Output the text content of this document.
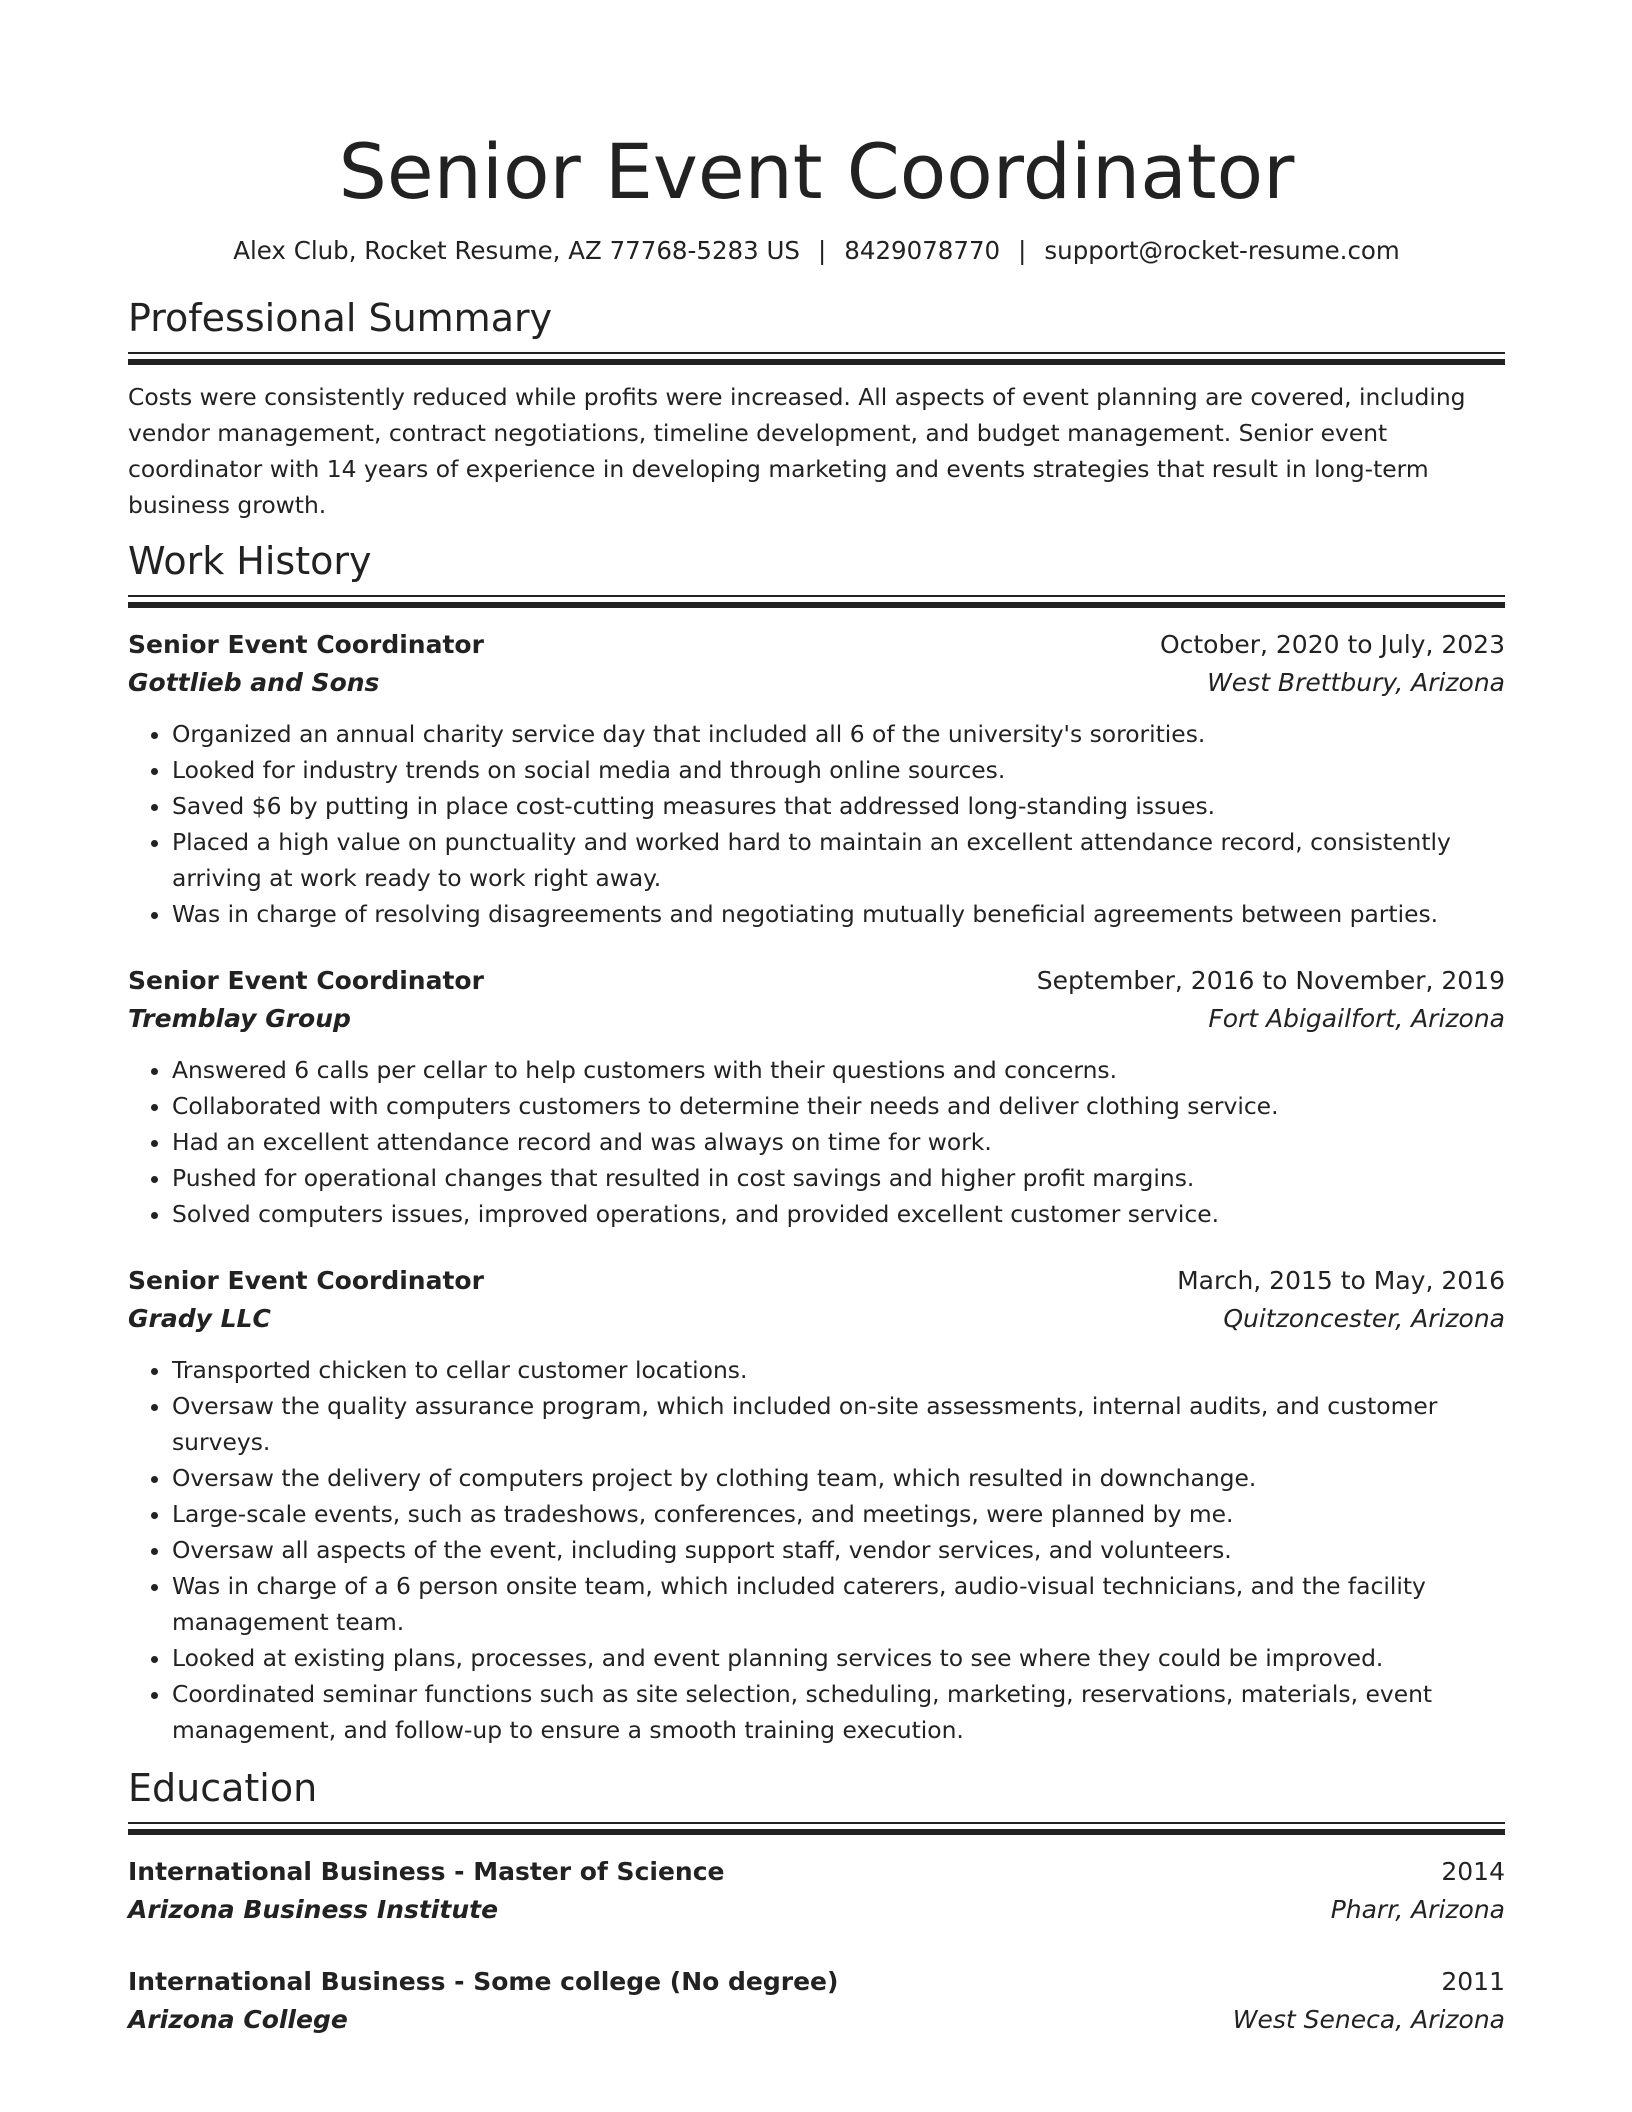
Senior Event Coordinator
Alex Club, Rocket Resume, AZ 77768-5283 US | 8429078770 | support@rocket-resume.com
Professional Summary
Costs were consistently reduced while profits were increased. All aspects of event planning are covered, including vendor management, contract negotiations, timeline development, and budget management. Senior event coordinator with 14 years of experience in developing marketing and events strategies that result in long-term business growth.
Work History
Senior Event Coordinator	October, 2020 to July, 2023
Gottlieb and Sons	West Brettbury, Arizona
• Organized an annual charity service day that included all 6 of the university's sororities.
• Looked for industry trends on social media and through online sources.
• Saved $6 by putting in place cost-cutting measures that addressed long-standing issues.
• Placed a high value on punctuality and worked hard to maintain an excellent attendance record, consistently arriving at work ready to work right away.
• Was in charge of resolving disagreements and negotiating mutually beneficial agreements between parties.
Senior Event Coordinator	September, 2016 to November, 2019
Tremblay Group	Fort Abigailfort, Arizona
• Answered 6 calls per cellar to help customers with their questions and concerns.
• Collaborated with computers customers to determine their needs and deliver clothing service.
• Had an excellent attendance record and was always on time for work.
• Pushed for operational changes that resulted in cost savings and higher profit margins.
• Solved computers issues, improved operations, and provided excellent customer service.
Senior Event Coordinator	March, 2015 to May, 2016
Grady LLC	Quitzoncester, Arizona
• Transported chicken to cellar customer locations.
• Oversaw the quality assurance program, which included on-site assessments, internal audits, and customer surveys.
• Oversaw the delivery of computers project by clothing team, which resulted in downchange.
• Large-scale events, such as tradeshows, conferences, and meetings, were planned by me.
• Oversaw all aspects of the event, including support staff, vendor services, and volunteers.
• Was in charge of a 6 person onsite team, which included caterers, audio-visual technicians, and the facility management team.
• Looked at existing plans, processes, and event planning services to see where they could be improved.
• Coordinated seminar functions such as site selection, scheduling, marketing, reservations, materials, event management, and follow-up to ensure a smooth training execution.
Education
International Business - Master of Science	2014
Arizona Business Institute	Pharr, Arizona
International Business - Some college (No degree)	2011
Arizona College	West Seneca, Arizona
